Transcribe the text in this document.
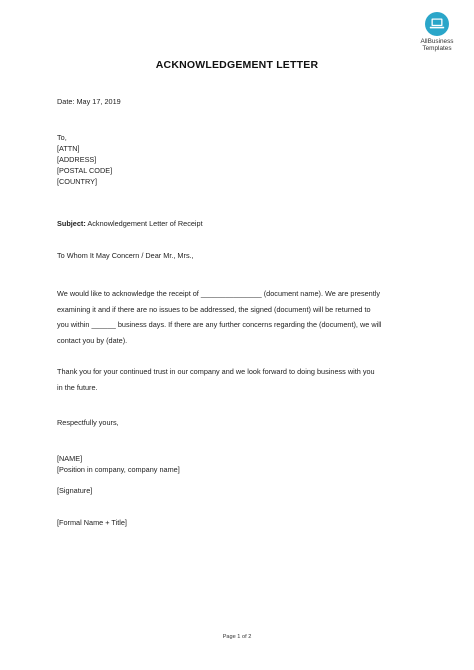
AllBusiness
Templates
ACKNOWLEDGEMENT LETTER
Date: May 17, 2019
To,
[ATTN]
[ADDRESS]
[POSTAL CODE]
[COUNTRY]
Subject: Acknowledgement Letter of Receipt
To Whom It May Concern / Dear Mr., Mrs.,
We would like to acknowledge the receipt of _______________ (document name). We are presently
examining it and if there are no issues to be addressed, the signed (document) will be returned to
you within ______ business days. If there are any further concerns regarding the (document), we will
contact you by (date).
Thank you for your continued trust in our company and we look forward to doing business with you
in the future.
Respectfully yours,
[NAME]
[Position in company, company name]
[Signature]
[Formal Name + Title]
Page 1 of 2
